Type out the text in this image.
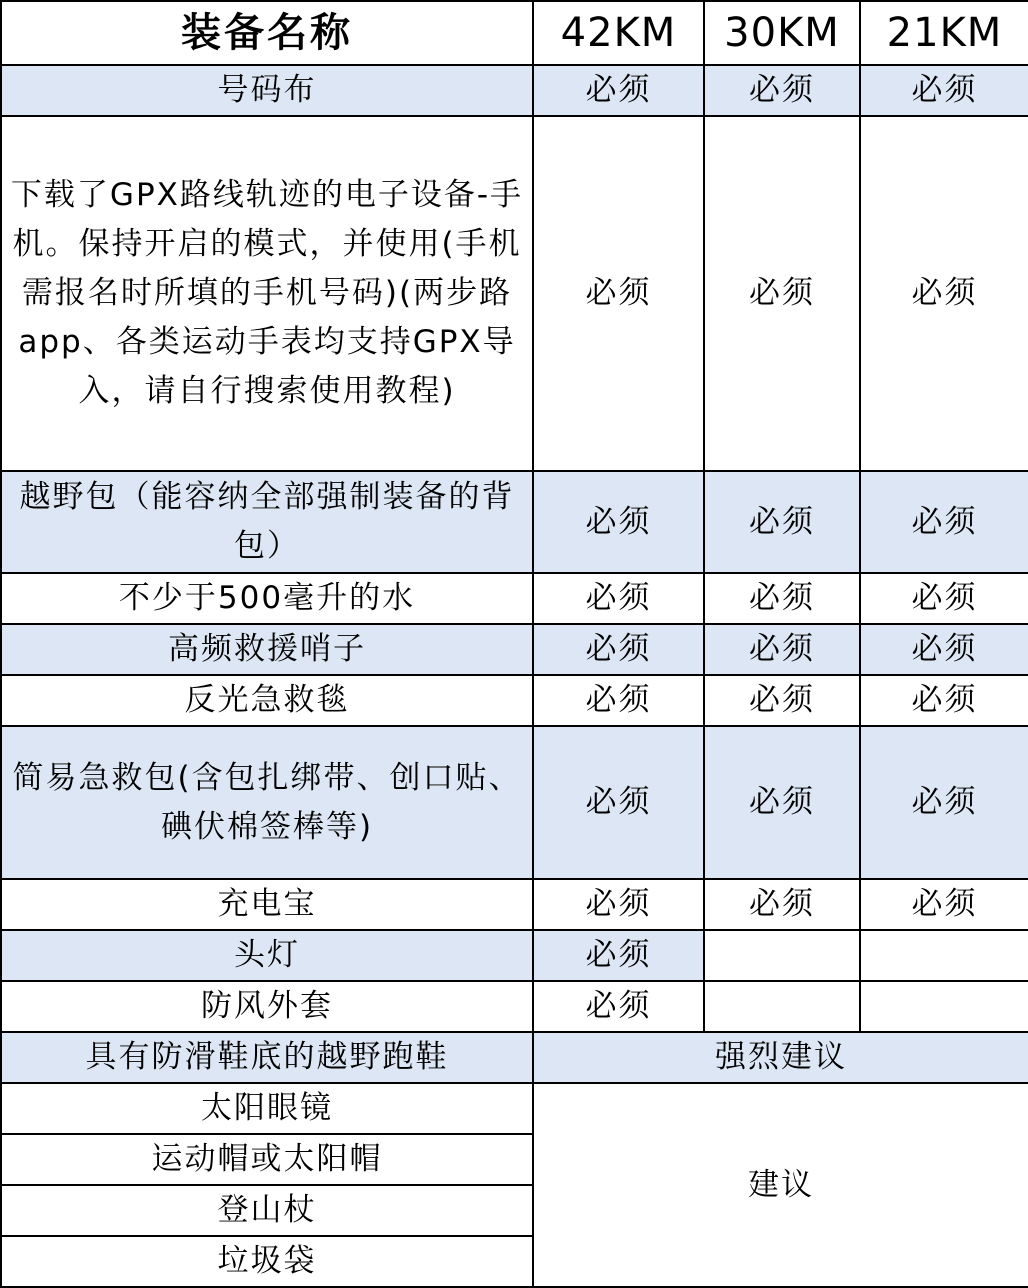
装备名称	42KM	30KM	21KM
号码布	必须	必须	必须
下载了GPX路线轨迹的电子设备-手机。保持开启的模式，并使用(手机需报名时所填的手机号码)(两步路app、各类运动手表均支持GPX导入，请自行搜索使用教程)	必须	必须	必须
越野包（能容纳全部强制装备的背包）	必须	必须	必须
不少于500毫升的水	必须	必须	必须
高频救援哨子	必须	必须	必须
反光急救毯	必须	必须	必须
简易急救包(含包扎绑带、创口贴、碘伏棉签棒等)	必须	必须	必须
充电宝	必须	必须	必须
头灯	必须		
防风外套	必须		
具有防滑鞋底的越野跑鞋	强烈建议		
太阳眼镜	建议		
运动帽或太阳帽			
登山杖			
垃圾袋			
